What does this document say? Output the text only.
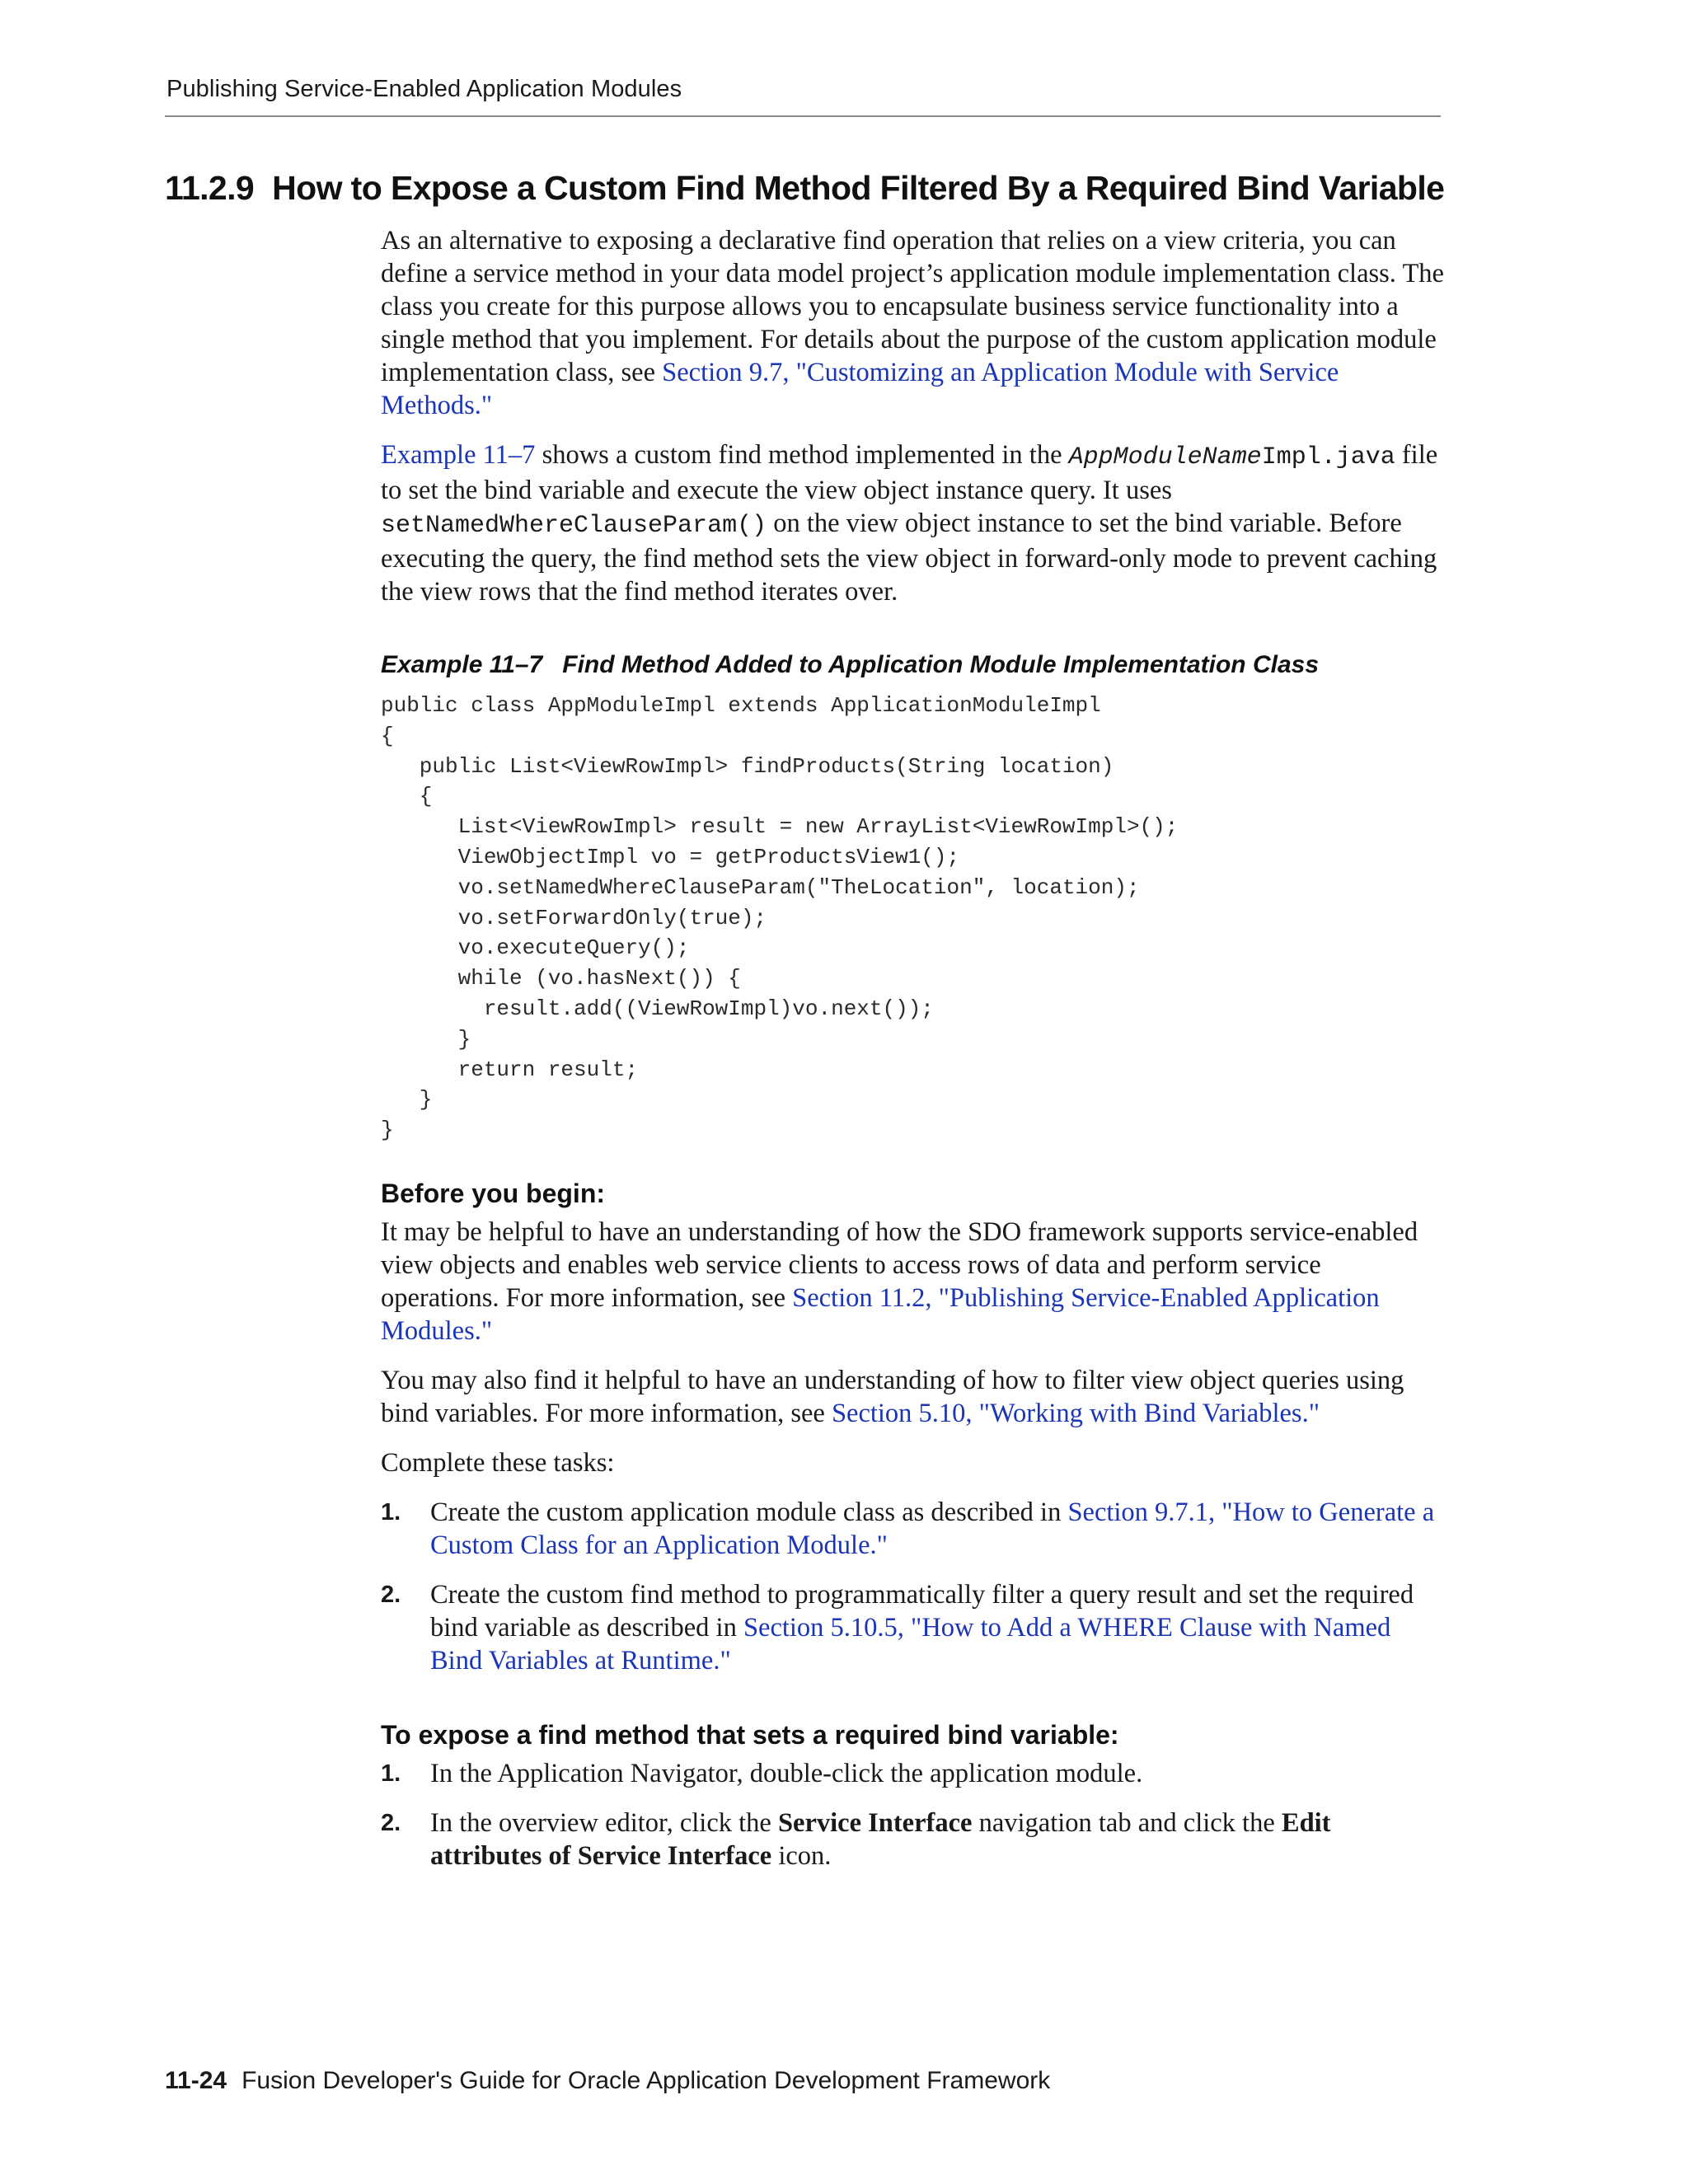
Publishing Service-Enabled Application Modules
11.2.9 How to Expose a Custom Find Method Filtered By a Required Bind Variable

As an alternative to exposing a declarative find operation that relies on a view criteria, you can define a service method in your data model project’s application module implementation class. The class you create for this purpose allows you to encapsulate business service functionality into a single method that you implement. For details about the purpose of the custom application module implementation class, see Section 9.7, "Customizing an Application Module with Service Methods."

Example 11–7 shows a custom find method implemented in the AppModuleNameImpl.java file to set the bind variable and execute the view object instance query. It uses setNamedWhereClauseParam() on the view object instance to set the bind variable. Before executing the query, the find method sets the view object in forward-only mode to prevent caching the view rows that the find method iterates over.

Example 11–7 Find Method Added to Application Module Implementation Class
public class AppModuleImpl extends ApplicationModuleImpl
{
public List<ViewRowImpl> findProducts(String location)
{
List<ViewRowImpl> result = new ArrayList<ViewRowImpl>();
ViewObjectImpl vo = getProductsView1();
vo.setNamedWhereClauseParam("TheLocation", location);
vo.setForwardOnly(true);
vo.executeQuery();
while (vo.hasNext()) {
result.add((ViewRowImpl)vo.next());
}
return result;
}
}
Before you begin:

It may be helpful to have an understanding of how the SDO framework supports service-enabled view objects and enables web service clients to access rows of data and perform service operations. For more information, see Section 11.2, "Publishing Service-Enabled Application Modules."

You may also find it helpful to have an understanding of how to filter view object queries using bind variables. For more information, see Section 5.10, "Working with Bind Variables."

Complete these tasks:

1. Create the custom application module class as described in Section 9.7.1, "How to Generate a Custom Class for an Application Module."
2. Create the custom find method to programmatically filter a query result and set the required bind variable as described in Section 5.10.5, "How to Add a WHERE Clause with Named Bind Variables at Runtime."
To expose a find method that sets a required bind variable:
1. In the Application Navigator, double-click the application module.
2. In the overview editor, click the Service Interface navigation tab and click the Edit attributes of Service Interface icon.
11-24 Fusion Developer's Guide for Oracle Application Development Framework
